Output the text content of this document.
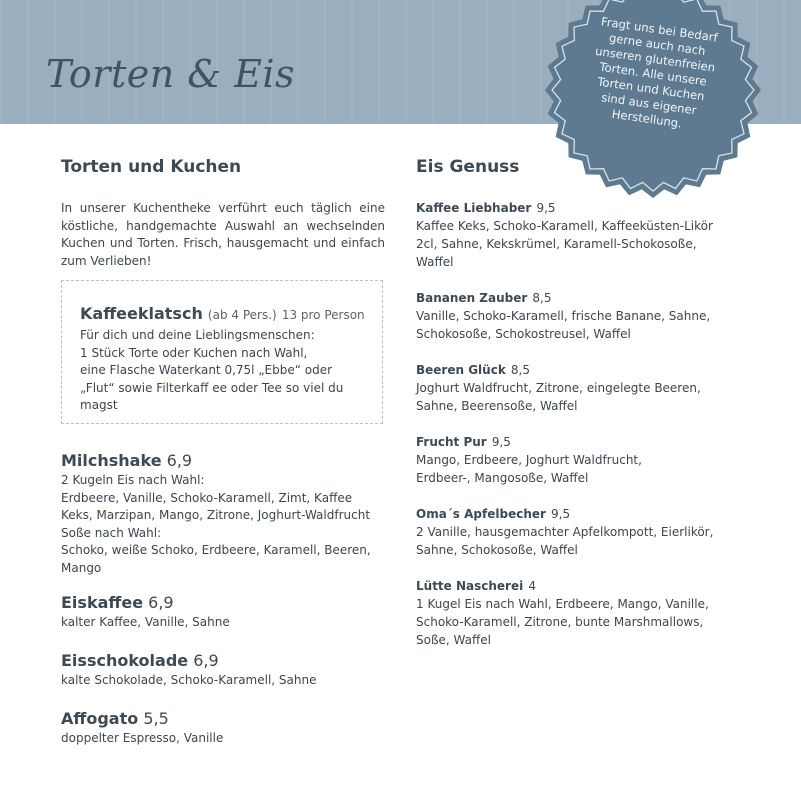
Torten & Eis
Fragt uns bei Bedarf gerne auch nach unseren glutenfreien Torten. Alle unsere Torten und Kuchen sind aus eigener Herstellung.
Torten und Kuchen

In unserer Kuchentheke verführt euch täglich eine köstliche, handgemachte Auswahl an wechselnden Kuchen und Torten. Frisch, hausgemacht und einfach zum Verlieben!

Kaffeeklatsch (ab 4 Pers.) 13 pro Person
Für dich und deine Lieblingsmenschen:
1 Stück Torte oder Kuchen nach Wahl,
eine Flasche Waterkant 0,75l „Ebbe“ oder
„Flut“ sowie Filterkaff ee oder Tee so viel du
magst
Milchshake 6,9
2 Kugeln Eis nach Wahl:
Erdbeere, Vanille, Schoko-Karamell, Zimt, Kaffee
Keks, Marzipan, Mango, Zitrone, Joghurt-Waldfrucht
Soße nach Wahl:
Schoko, weiße Schoko, Erdbeere, Karamell, Beeren,
Mango
Eiskaffee 6,9
kalter Kaffee, Vanille, Sahne
Eisschokolade 6,9
kalte Schokolade, Schoko-Karamell, Sahne
Affogato 5,5
doppelter Espresso, Vanille
Eis Genuss
Kaffee Liebhaber 9,5
Kaffee Keks, Schoko-Karamell, Kaffeeküsten-Likör
2cl, Sahne, Kekskrümel, Karamell-Schokosoße,
Waffel
Bananen Zauber 8,5
Vanille, Schoko-Karamell, frische Banane, Sahne,
Schokosoße, Schokostreusel, Waffel
Beeren Glück 8,5
Joghurt Waldfrucht, Zitrone, eingelegte Beeren,
Sahne, Beerensoße, Waffel
Frucht Pur 9,5
Mango, Erdbeere, Joghurt Waldfrucht,
Erdbeer-, Mangosoße, Waffel
Oma´s Apfelbecher 9,5
2 Vanille, hausgemachter Apfelkompott, Eierlikör,
Sahne, Schokosoße, Waffel
Lütte Nascherei 4
1 Kugel Eis nach Wahl, Erdbeere, Mango, Vanille,
Schoko-Karamell, Zitrone, bunte Marshmallows,
Soße, Waffel
